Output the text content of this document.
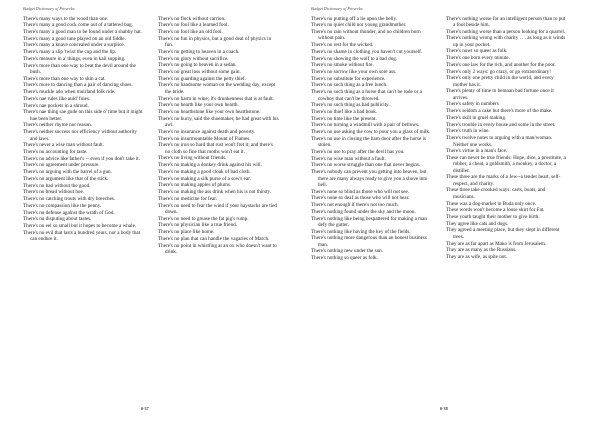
Budget Dictionary of Proverbs
There's many ways to the wood than one.
There's many a good cock come out of a tattered bag.
There's many a good man to be found under a shabby hat.
There's many a good tune played on an old fiddle.
There's many a knave concealed under a surplice.
There's many a slip 'twixt the cup and the lip.
There's measure in a' things, even in kail supping.
There's more than one way to beat the devil around the bush.
There's more than one way to skin a cat.
There's more to dancing than a pair of dancing shoes.
There's muckle ado when muirland folk ride.
There's nae rules like auld' fules.
There's nae pockets in a shroud.
There's nae thing sae gude on this side o' time but it might hae been better.
There's neither rhyme nor reason.
There's neither success nor efficiency without authority and laws.
There's never a wise man without fault.
There's no accounting for taste.
There's no advice like father's -- even if you don't take it.
There's no agreement under pressure.
There's no arguing with the barrel of a gun.
There's no argument like that of the stick.
There's no bad without the good.
There's no bread without hoe.
There's no catching trouts with dry breeches.
There's no compassion like the penny.
There's no defense against the wrath of God.
There's no disputing about tastes.
There's no eel so small but it hopes to become a whale.
There's no evil that lasts a hundred years, nor a body that can endure it.
There's no flock without carrion.
There's no fool like a learned fool.
There's no fool like an old fool.
There's no fun in physics, but a good deal of physics in fun.
There's no getting to heaven in a coach.
There's no glory without sacrifice.
There's no going to heaven in a sedan.
There's no great loss without some gain.
There's no guarding against the petty thief.
There's no handsome woman on the wedding day, except the bride.
There's no harm in wine; it's drunkenness that is at fault.
There's no hearth like your own hearth.
There's no hearthstone like your own hearthstone.
There's no hurry, said the shoemaker, he had great with his awl.
There's no insurance against death and poverty.
There's no insurmountable Mount of Flames.
There's no iron so hard that rust won't fret it; and there's no cloth so fine that moths won't eat it.
There's no living without friends.
There's no making a donkey drink against his will.
There's no making a good cloak of bad cloth.
There's no making a silk purse of a sow's ear.
There's no making apples of plums.
There's no making the ass drink when his is not thirsty.
There's no medicine for fear.
There's no need to fear the wind if your haystacks are tied down.
There's no need to grease the fat pig's rump.
There's no physician like a true friend.
There's no place like home.
There's no plan that can handle the vagaries of March.
There's no point in whistling at an ox who doesn't want to drink.
6-37
Budget Dictionary of Proverbs
There's no putting off a lie upon the belly.
There's no quiet child nor young grandmother.
There's no rain without thunder, and no children born without pain.
There's no rest for the wicked.
There's no shame in clothing you haven't cut yourself.
There's no showing the wolf to a bad dog.
There's no smoke without fire.
There's no sorrow like your own sore ass.
There's no substitute for experience.
There's no such thing as a free lunch.
There's no such thing as a horse that can't be rode or a cowboy that can't be throwed.
There's no such thing as bad publicity.
There's no thief like a bad book.
There's no time like the present.
There's no turning a windmill with a pair of bellows.
There's no use asking the cow to pour you a glass of milk.
There's no use in closing the barn door after the horse is stolen.
There's no use to pray after the devil has you.
There's no wise man without a fault.
There's no worse struggle than one that never begins.
There's nobody can prevent you getting into heaven, but there are many always ready to give you a shove into hell.
There's none so blind as those who will not see.
There's none so deaf as those who will not hear.
There's not enough if there's not too much.
There's nothing found under the sky and the moon.
There's nothing like being bespattered for making a man defy the gutter.
There's nothing like having the key of the fields.
There's nothing more dangerous than an honest business man.
There's nothing new under the sun.
There's nothing so queer as folk.
There's nothing worse for an intelligent person than to put a fool beside him.
There's nothing worse than a person looking for a quarrel.
There's nothing wrong with charity . . . as long as it winds up in your pocket.
There's nowt so queer as folk.
There's one born every minute.
There's one law for the rich, and another for the poor.
There's only 2 ways: go crazy, or go extraordinary!
There's only one pretty child in the world, and every mother has it.
There's plenty of time to bemoan bad fortune once it arrives.
There's safety in numbers
There's seldom a cake but there's more of the make.
There's skill in gruel making.
There's trouble in every house and some in the street.
There's truth in wine.
There's twelve notes to arguing with a man/woman. Neither one works.
There's virtue in a man's face.
These can never be true friends: Hope, dice, a prostitute, a robber, a cheat, a goldsmith, a monkey, a doctor, a distiller.
These three are the marks of a Jew--a tender heart, self-respect, and charity.
These three take crooked ways: carts, boats, and musicians.
These was a dog-market in Buda only once.
These words won't become a loose skirt for Fat.
These youth taught their mother to give birth.
They agree like cats and dogs.
They agreed a meeting place, but they slept in different trees.
They are as far apart as Mako is from Jerusalem.
They are as many as the Russians.
They are as wife, as spite not.
6-38
